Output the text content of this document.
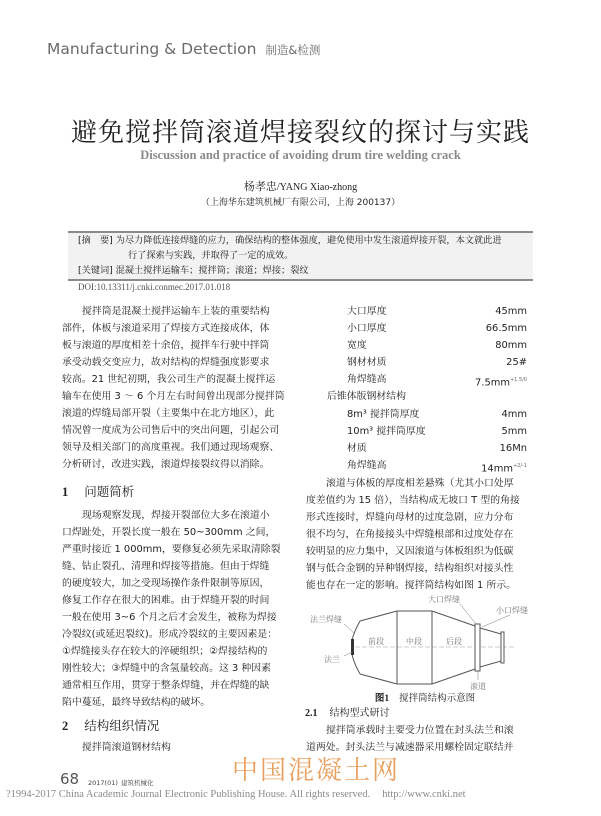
Manufacturing & Detection 制造&检测
避免搅拌筒滚道焊接裂纹的探讨与实践
Discussion and practice of avoiding drum tire welding crack
杨孝忠/YANG Xiao-zhong
（上海华东建筑机械厂有限公司，上海 200137）
[摘　要] 为尽力降低连接焊缝的应力，确保结构的整体强度，避免使用中发生滚道焊接开裂，本文就此进
行了探索与实践，并取得了一定的成效。
[关键词] 混凝土搅拌运输车；搅拌筒；滚道；焊接；裂纹
DOI:10.13311/j.cnki.conmec.2017.01.018
搅拌筒是混凝土搅拌运输车上装的重要结构
部件，体板与滚道采用了焊接方式连接成体，体
板与滚道的厚度相差十余倍，搅拌车行驶中拌筒
承受动载交变应力，故对结构的焊缝强度影要求
较高。21 世纪初期，我公司生产的混凝土搅拌运
输车在使用 3 ～ 6 个月左右时间曾出现部分搅拌筒
滚道的焊缝局部开裂（主要集中在北方地区），此
情况曾一度成为公司售后中的突出问题，引起公司
领导及相关部门的高度重视。我们通过现场观察、
分析研讨，改进实践，滚道焊接裂纹得以消除。
1 问题简析
现场观察发现，焊接开裂部位大多在滚道小
口焊趾处，开裂长度一般在 50~300mm 之间，
严重时接近 1 000mm，要修复必须先采取清除裂
缝、钻止裂孔、清理和焊接等措施。但由于焊缝
的硬度较大，加之受现场操作条件限制等原因，
修复工作存在很大的困难。由于焊缝开裂的时间
一般在使用 3~6 个月之后才会发生，被称为焊接
冷裂纹(或延迟裂纹)。形成冷裂纹的主要因素是：
①焊缝接头存在较大的淬硬组织；②焊接结构的
刚性较大；③焊缝中的含氢量较高。这 3 种因素
通常相互作用，贯穿于整条焊缝，并在焊缝的缺
陷中蔓延，最终导致结构的破坏。
2 结构组织情况
搅拌筒滚道钢材结构
大口厚度	45mm
小口厚度	66.5mm
宽度	80mm
钢材材质	25#
角焊缝高	$7.5mm^{+1.5/0}$
后锥体版钢材结构
8m³ 搅拌筒厚度	4mm
10m³ 搅拌筒厚度	5mm
材质	16Mn
角焊缝高	$14mm^{+2/-1}$
滚道与体板的厚度相差悬殊（尤其小口处厚
度差值约为 15 倍），当结构成无坡口 T 型的角接
形式连接时，焊缝向母材的过度急剧，应力分布
很不均匀，在角接接头中焊缝根部和过度处存在
较明显的应力集中，又因滚道与体板组织为低碳
钢与低合金钢的异种钢焊接，结构组织对接头性
能也存在一定的影响。搅拌筒结构如图 1 所示。
法兰焊缝
法兰
前段	中段	后段
大口焊缝
小口焊缝
滚道
图1 搅拌筒结构示意图
2.1 结构型式研讨
搅拌筒承载时主要受力位置在封头法兰和滚
道两处。封头法兰与减速器采用螺栓固定联结并
中国混凝土网
68 2017(01) 建筑机械化
?1994-2017 China Academic Journal Electronic Publishing House. All rights reserved. http://www.cnki.net
